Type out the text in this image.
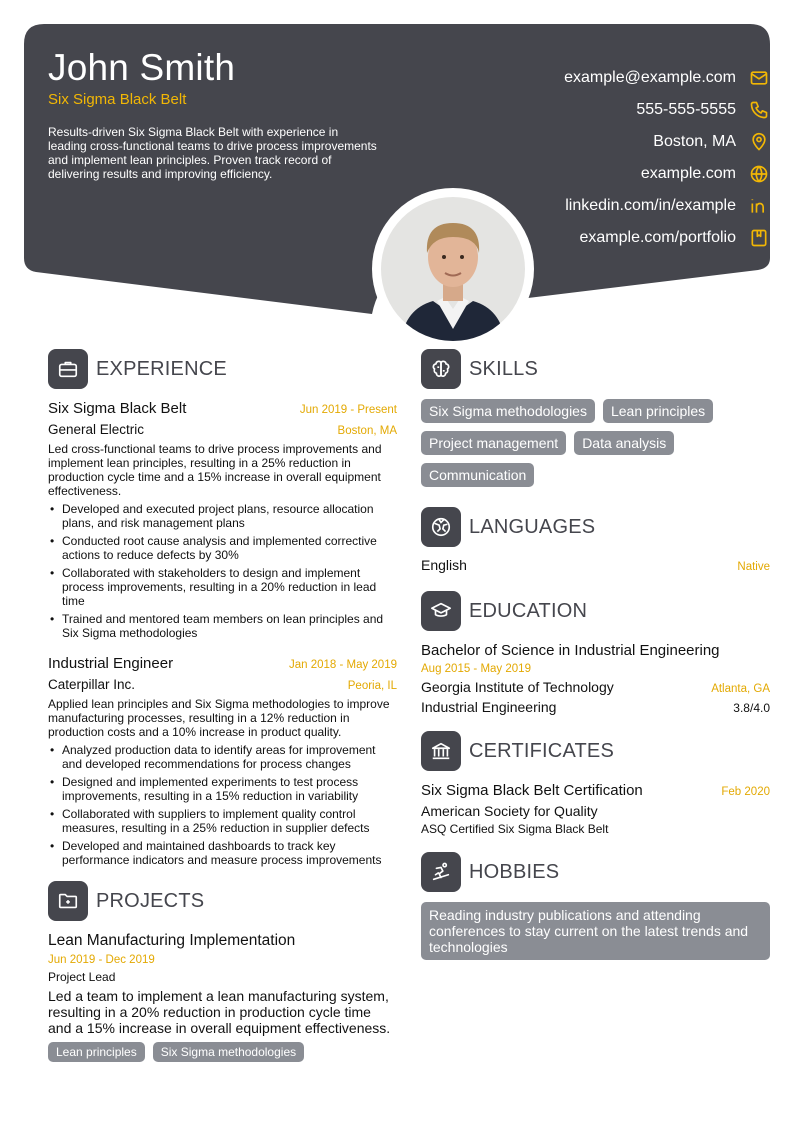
John Smith
Six Sigma Black Belt
Results-driven Six Sigma Black Belt with experience in leading cross-functional teams to drive process improvements and implement lean principles. Proven track record of delivering results and improving efficiency.
example@example.com
555-555-5555
Boston, MA
example.com
linkedin.com/in/example
example.com/portfolio
EXPERIENCE
Six Sigma Black Belt	Jun 2019 - Present
General Electric	Boston, MA
Led cross-functional teams to drive process improvements and implement lean principles, resulting in a 25% reduction in production cycle time and a 15% increase in overall equipment effectiveness.
• Developed and executed project plans, resource allocation plans, and risk management plans
• Conducted root cause analysis and implemented corrective actions to reduce defects by 30%
• Collaborated with stakeholders to design and implement process improvements, resulting in a 20% reduction in lead time
• Trained and mentored team members on lean principles and Six Sigma methodologies
Industrial Engineer	Jan 2018 - May 2019
Caterpillar Inc.	Peoria, IL
Applied lean principles and Six Sigma methodologies to improve manufacturing processes, resulting in a 12% reduction in production costs and a 10% increase in product quality.
• Analyzed production data to identify areas for improvement and developed recommendations for process changes
• Designed and implemented experiments to test process improvements, resulting in a 15% reduction in variability
• Collaborated with suppliers to implement quality control measures, resulting in a 25% reduction in supplier defects
• Developed and maintained dashboards to track key performance indicators and measure process improvements
PROJECTS
Lean Manufacturing Implementation
Jun 2019 - Dec 2019
Project Lead
Led a team to implement a lean manufacturing system, resulting in a 20% reduction in production cycle time and a 15% increase in overall equipment effectiveness.
Lean principles	Six Sigma methodologies
SKILLS
Six Sigma methodologies	Lean principles
Project management	Data analysis
Communication
LANGUAGES
English	Native
EDUCATION
Bachelor of Science in Industrial Engineering
Aug 2015 - May 2019
Georgia Institute of Technology	Atlanta, GA
Industrial Engineering	3.8/4.0
CERTIFICATES
Six Sigma Black Belt Certification	Feb 2020
American Society for Quality
ASQ Certified Six Sigma Black Belt
HOBBIES
Reading industry publications and attending conferences to stay current on the latest trends and technologies
